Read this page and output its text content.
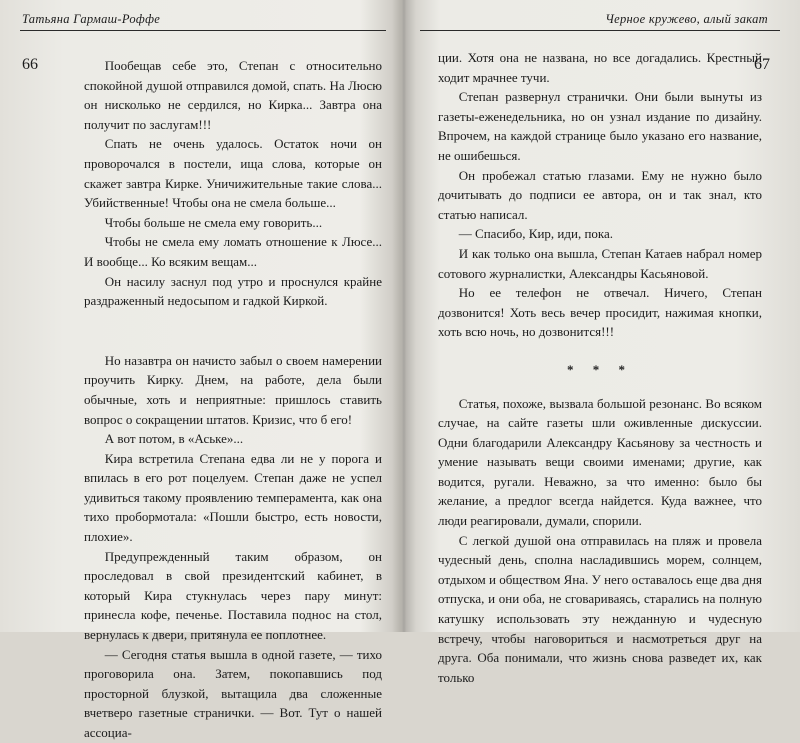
Татьяна Гармаш-Роффе
66	Пообещав себе это, Степан с относительно спокойной душой отправился домой, спать. На Люсю он нисколько не сердился, но Кирка... Завтра она получит по заслугам!!!

Спать не очень удалось. Остаток ночи он проворочался в постели, ища слова, которые он скажет завтра Кирке. Уничижительные такие слова... Убийственные! Чтобы она не смела больше...

Чтобы больше не смела ему говорить...

Чтобы не смела ему ломать отношение к Люсе... И вообще... Ко всяким вещам...

Он насилу заснул под утро и проснулся крайне раздраженный недосыпом и гадкой Киркой.

Но назавтра он начисто забыл о своем намерении проучить Кирку. Днем, на работе, дела были обычные, хоть и неприятные: пришлось ставить вопрос о сокращении штатов. Кризис, что б его!

А вот потом, в «Аське»...

Кира встретила Степана едва ли не у порога и впилась в его рот поцелуем. Степан даже не успел удивиться такому проявлению темперамента, как она тихо пробормотала: «Пошли быстро, есть новости, плохие».

Предупрежденный таким образом, он проследовал в свой президентский кабинет, в который Кира стукнулась через пару минут: принесла кофе, печенье. Поставила поднос на стол, вернулась к двери, притянула ее поплотнее.

— Сегодня статья вышла в одной газете, — тихо проговорила она. Затем, покопавшись под просторной блузкой, вытащила два сложенные вчетверо газетные странички. — Вот. Тут о нашей ассоциа-

Черное кружево, алый закат
67

ции. Хотя она не названа, но все догадались. Крестный ходит мрачнее тучи.

Степан развернул странички. Они были вынуты из газеты-еженедельника, но он узнал издание по дизайну. Впрочем, на каждой странице было указано его название, не ошибешься.

Он пробежал статью глазами. Ему не нужно было дочитывать до подписи ее автора, он и так знал, кто статью написал.

— Спасибо, Кир, иди, пока.

И как только она вышла, Степан Катаев набрал номер сотового журналистки, Александры Касьяновой.

Но ее телефон не отвечал. Ничего, Степан дозвонится! Хоть весь вечер просидит, нажимая кнопки, хоть всю ночь, но дозвонится!!!

* * *

Статья, похоже, вызвала большой резонанс. Во всяком случае, на сайте газеты шли оживленные дискуссии. Одни благодарили Александру Касьянову за честность и умение называть вещи своими именами; другие, как водится, ругали. Неважно, за что именно: было бы желание, а предлог всегда найдется. Куда важнее, что люди реагировали, думали, спорили.

С легкой душой она отправилась на пляж и провела чудесный день, сполна насладившись морем, солнцем, отдыхом и обществом Яна. У него оставалось еще два дня отпуска, и они оба, не сговариваясь, старались на полную катушку использовать эту нежданную и чудесную встречу, чтобы наговориться и насмотреться друг на друга. Оба понимали, что жизнь снова разведет их, как только
